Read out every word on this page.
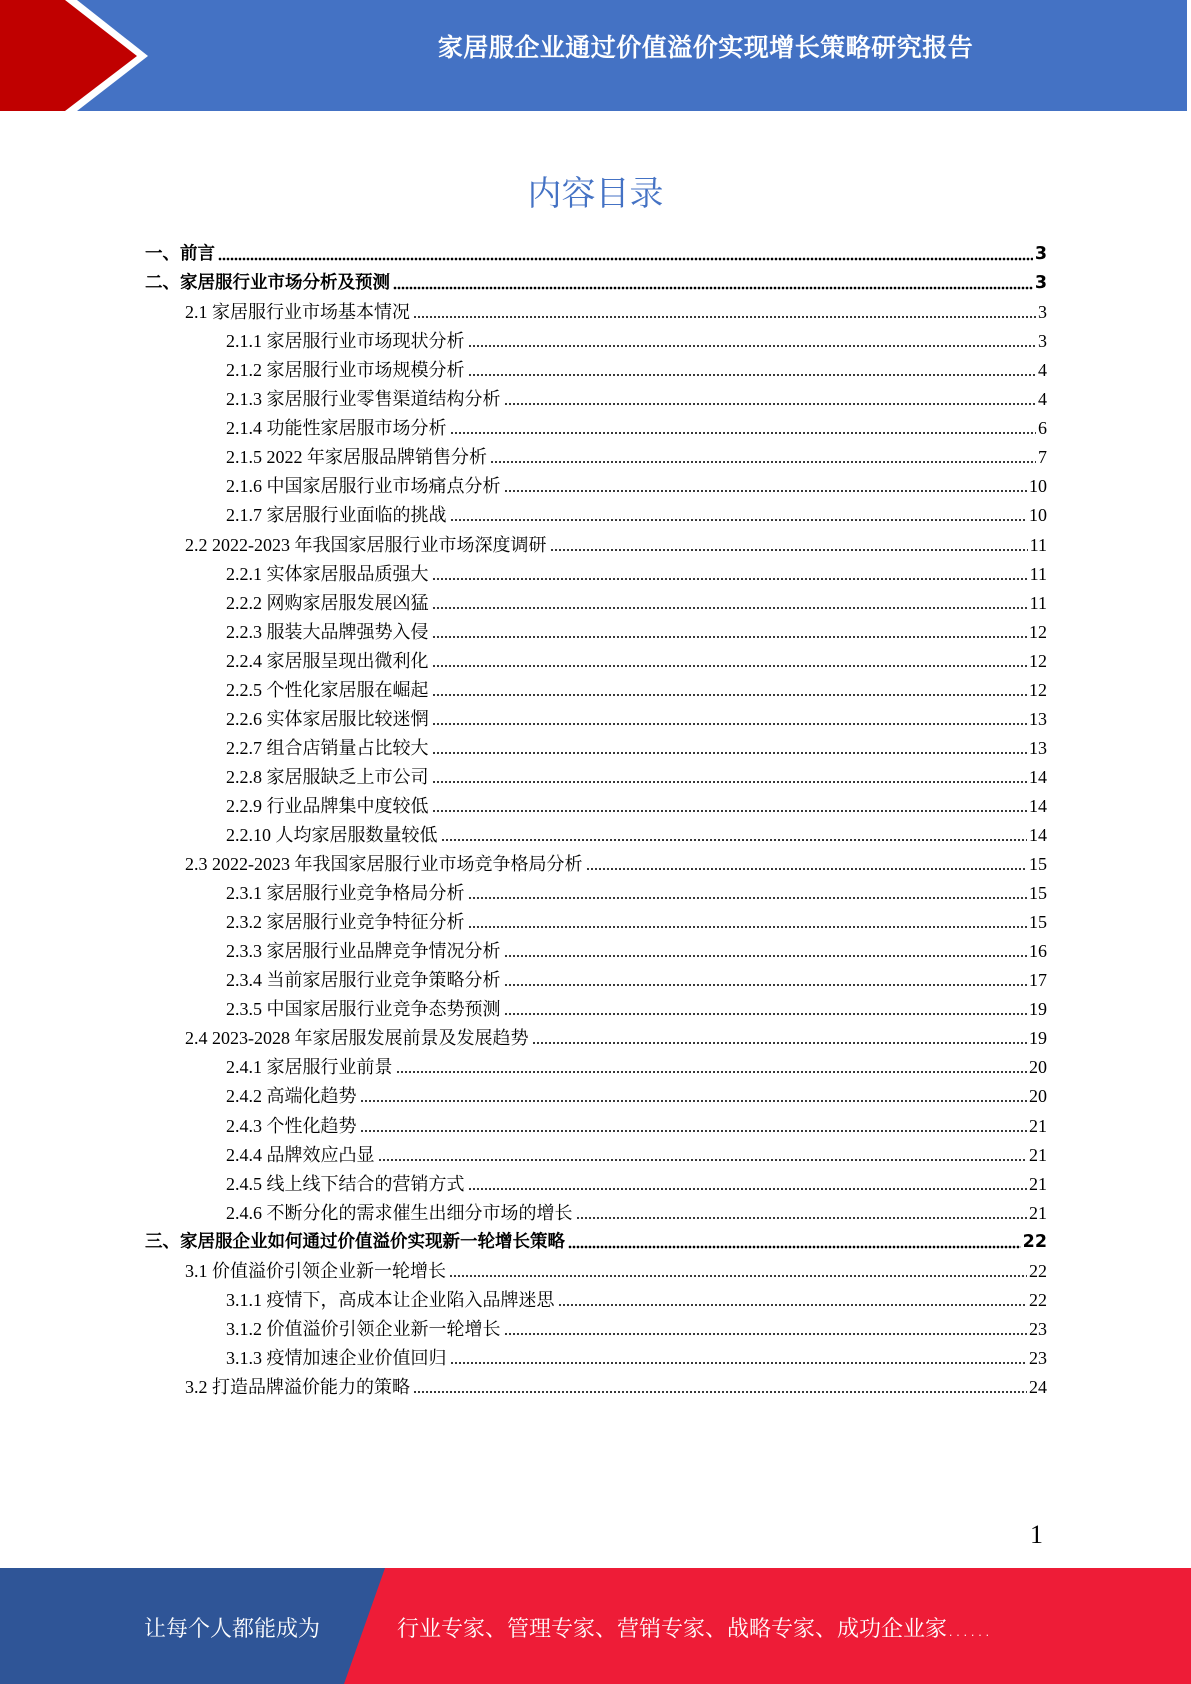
家居服企业通过价值溢价实现增长策略研究报告
内容目录
一、前言	3
二、家居服行业市场分析及预测	3
2.1 家居服行业市场基本情况	3
2.1.1 家居服行业市场现状分析	3
2.1.2 家居服行业市场规模分析	4
2.1.3 家居服行业零售渠道结构分析	4
2.1.4 功能性家居服市场分析	6
2.1.5 2022 年家居服品牌销售分析	7
2.1.6 中国家居服行业市场痛点分析	10
2.1.7 家居服行业面临的挑战	10
2.2 2022-2023 年我国家居服行业市场深度调研	11
2.2.1 实体家居服品质强大	11
2.2.2 网购家居服发展凶猛	11
2.2.3 服装大品牌强势入侵	12
2.2.4 家居服呈现出微利化	12
2.2.5 个性化家居服在崛起	12
2.2.6 实体家居服比较迷惘	13
2.2.7 组合店销量占比较大	13
2.2.8 家居服缺乏上市公司	14
2.2.9 行业品牌集中度较低	14
2.2.10 人均家居服数量较低	14
2.3 2022-2023 年我国家居服行业市场竞争格局分析	15
2.3.1 家居服行业竞争格局分析	15
2.3.2 家居服行业竞争特征分析	15
2.3.3 家居服行业品牌竞争情况分析	16
2.3.4 当前家居服行业竞争策略分析	17
2.3.5 中国家居服行业竞争态势预测	19
2.4 2023-2028 年家居服发展前景及发展趋势	19
2.4.1 家居服行业前景	20
2.4.2 高端化趋势	20
2.4.3 个性化趋势	21
2.4.4 品牌效应凸显	21
2.4.5 线上线下结合的营销方式	21
2.4.6 不断分化的需求催生出细分市场的增长	21
三、家居服企业如何通过价值溢价实现新一轮增长策略	22
3.1 价值溢价引领企业新一轮增长	22
3.1.1 疫情下，高成本让企业陷入品牌迷思	22
3.1.2 价值溢价引领企业新一轮增长	23
3.1.3 疫情加速企业价值回归	23
3.2 打造品牌溢价能力的策略	24
1
让每个人都能成为	行业专家、管理专家、营销专家、战略专家、成功企业家……
